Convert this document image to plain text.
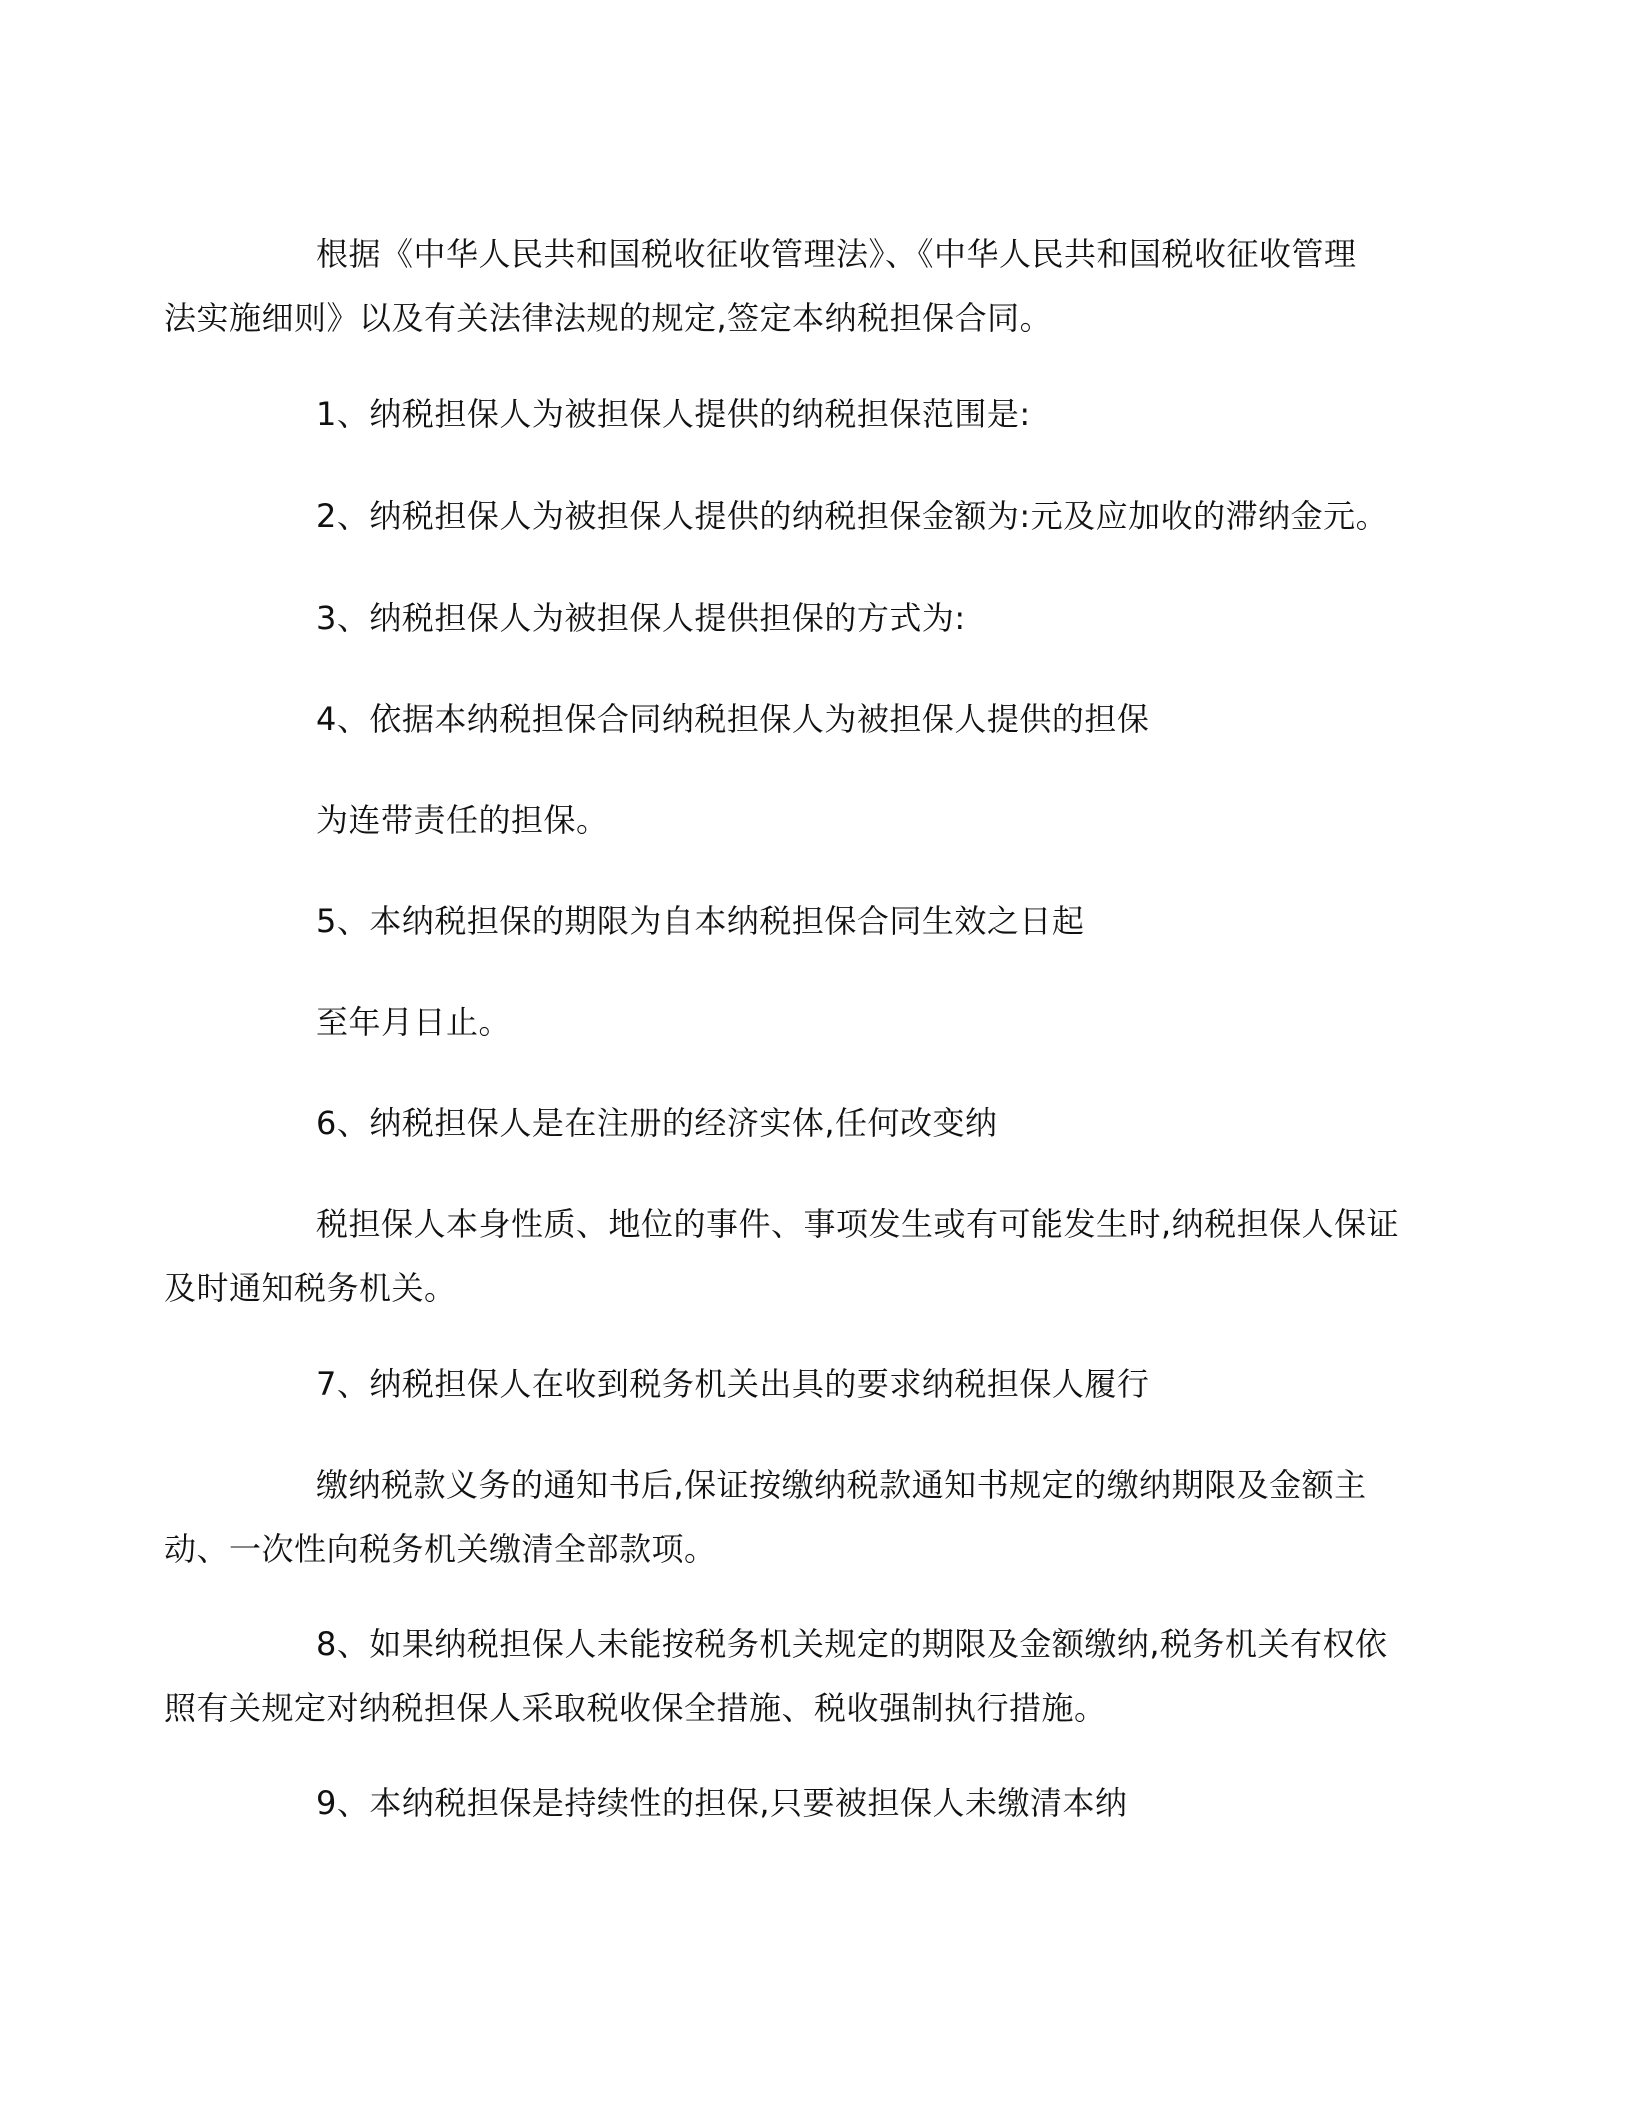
根据《中华人民共和国税收征收管理法》、《中华人民共和国税收征收管理
法实施细则》以及有关法律法规的规定,签定本纳税担保合同。
1、纳税担保人为被担保人提供的纳税担保范围是:
2、纳税担保人为被担保人提供的纳税担保金额为:元及应加收的滞纳金元。
3、纳税担保人为被担保人提供担保的方式为:
4、依据本纳税担保合同纳税担保人为被担保人提供的担保
为连带责任的担保。
5、本纳税担保的期限为自本纳税担保合同生效之日起
至年月日止。
6、纳税担保人是在注册的经济实体,任何改变纳
税担保人本身性质、地位的事件、事项发生或有可能发生时,纳税担保人保证
及时通知税务机关。
7、纳税担保人在收到税务机关出具的要求纳税担保人履行
缴纳税款义务的通知书后,保证按缴纳税款通知书规定的缴纳期限及金额主
动、一次性向税务机关缴清全部款项。
8、如果纳税担保人未能按税务机关规定的期限及金额缴纳,税务机关有权依
照有关规定对纳税担保人采取税收保全措施、税收强制执行措施。
9、本纳税担保是持续性的担保,只要被担保人未缴清本纳
